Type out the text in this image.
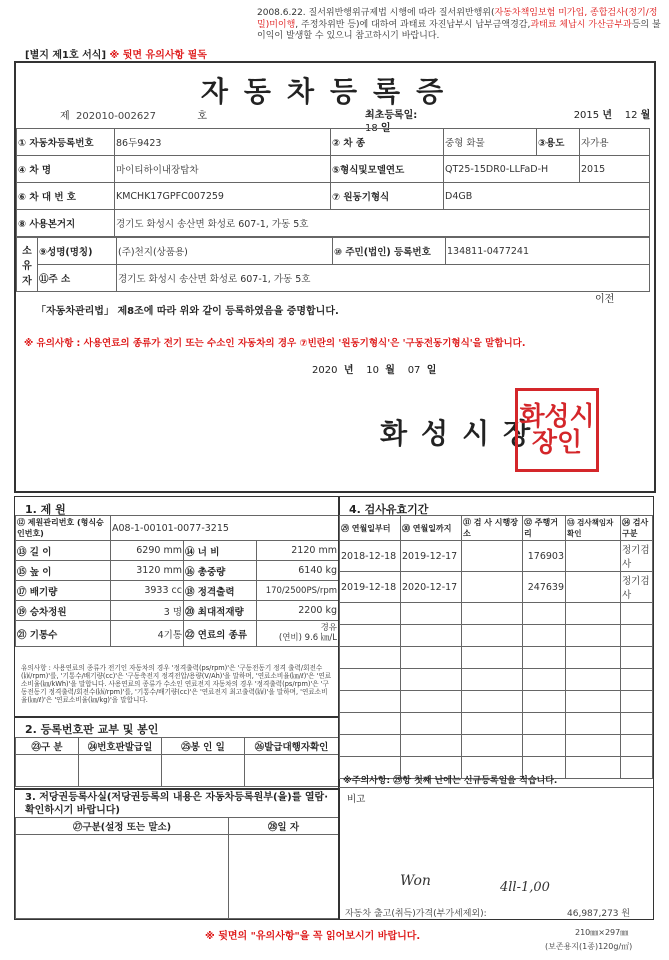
2008.6.22. 질서위반행위규제법 시행에 따라 질서위반행위(자동차책임보험 미가입, 종합검사(정기/정밀)미이행, 주정차위반 등)에 대하여 과태료 자진납부시 납부금액경감,과태료 체납시 가산금부과등의 불이익이 발생할 수 있으니 참고하시기 바랍니다.
[별지 제1호 서식] ※ 뒷면 유의사항 필독
자동차등록증
제 202010-002627	호	최초등록일:	2015 년 12 월   18 일
① 자동차등록번호	86두9423	② 차 종	중형 화물	③용도	자가용
④ 차 명	마이티하이내장탑차	⑤형식및모델연도	QT25-15DR0-LLFaD-H		2015
⑥ 차 대 번 호	KMCHK17GPFC007259	⑦ 원동기형식	D4GB		
⑧ 사용본거지	경기도 화성시 송산면 화성로 607-1, 가동 5호				
소유자	⑨성명(명칭)	(주)천지(상품용)	⑩ 주민(법인) 등록번호	134811-0477241
	⑪주 소	경기도 화성시 송산면 화성로 607-1, 가동 5호		
「자동차관리법」 제8조에 따라 위와 같이 등록하였음을 증명합니다.
이전
※ 유의사항 : 사용연료의 종류가 전기 또는 수소인 자동차의 경우 ⑦빈란의 '원동기형식'은 '구동전동기형식'을 말합니다.
2020 년 10 월 07 일
화성시장
화성시장인
1. 제 원
⑫ 제원관리번호 (형식승인번호)	A08-1-00101-0077-3215		
⑬ 길 이	6290 mm	⑭ 너 비	2120 mm
⑮ 높 이	3120 mm	⑯ 총중량	6140 kg
⑰ 배기량	3933 cc	⑱ 정격출력	170/2500PS/rpm
⑲ 승차정원	3 명	⑳ 최대적재량	2200 kg
㉑ 기통수	4기통	㉒ 연료의 종류	경유
(연비) 9.6 ㎞/L
유의사항 : 사용연료의 종류가 전기인 자동차의 경우 '정격출력(ps/rpm)'은 '구동전동기 정격 출력/회전수(㎾/rpm)'를, '기통수/배기량(cc)'은 '구동축전지 정격전압/용량(V/Ah)'을 말하며, '연료소비율(㎞/ℓ)'은 '연료소비율(㎞/kWh)'을 말합니다. 사용연료의 종류가 수소인 연료전지 자동차의 경우 '정격출력(ps/rpm)'은 '구동전동기 정격출력/회전수(㎾/rpm)'를, '기통수/배기량(cc)'은 '연료전지 최고출력(㎾)'을 말하며, '연료소비율(㎞/ℓ)'은 '연료소비율(㎞/kg)'을 말합니다.
2. 등록번호판 교부 및 봉인
㉓구 분	㉔번호판발급일	㉕봉 인 일	㉖발급대행자확인

3. 저당권등록사실(저당권등록의 내용은 자동차등록원부(을)를 열람·확인하시기 바랍니다)
㉗구분(설정 또는 말소)	㉘일 자

4. 검사유효기간
㉙ 연월일부터	㉚ 연월일까지	㉛ 검 사 시행장소	㉜ 주행거리	㉝ 검사책임자확인	㉞ 검사구분
2018-12-18	2019-12-17		176903		정기검사
2019-12-18	2020-12-17		247639		정기검사

※주의사항: ㉙항 첫째 난에는 신규등록일을 적습니다.
비고
Won	4ll-1,00
자동차 출고(취득)가격(부가세제외):	46,987,273 원
※ 뒷면의 "유의사항"을 꼭 읽어보시기 바랍니다.	210㎜×297㎜
(보존용지(1종)120g/㎡)
